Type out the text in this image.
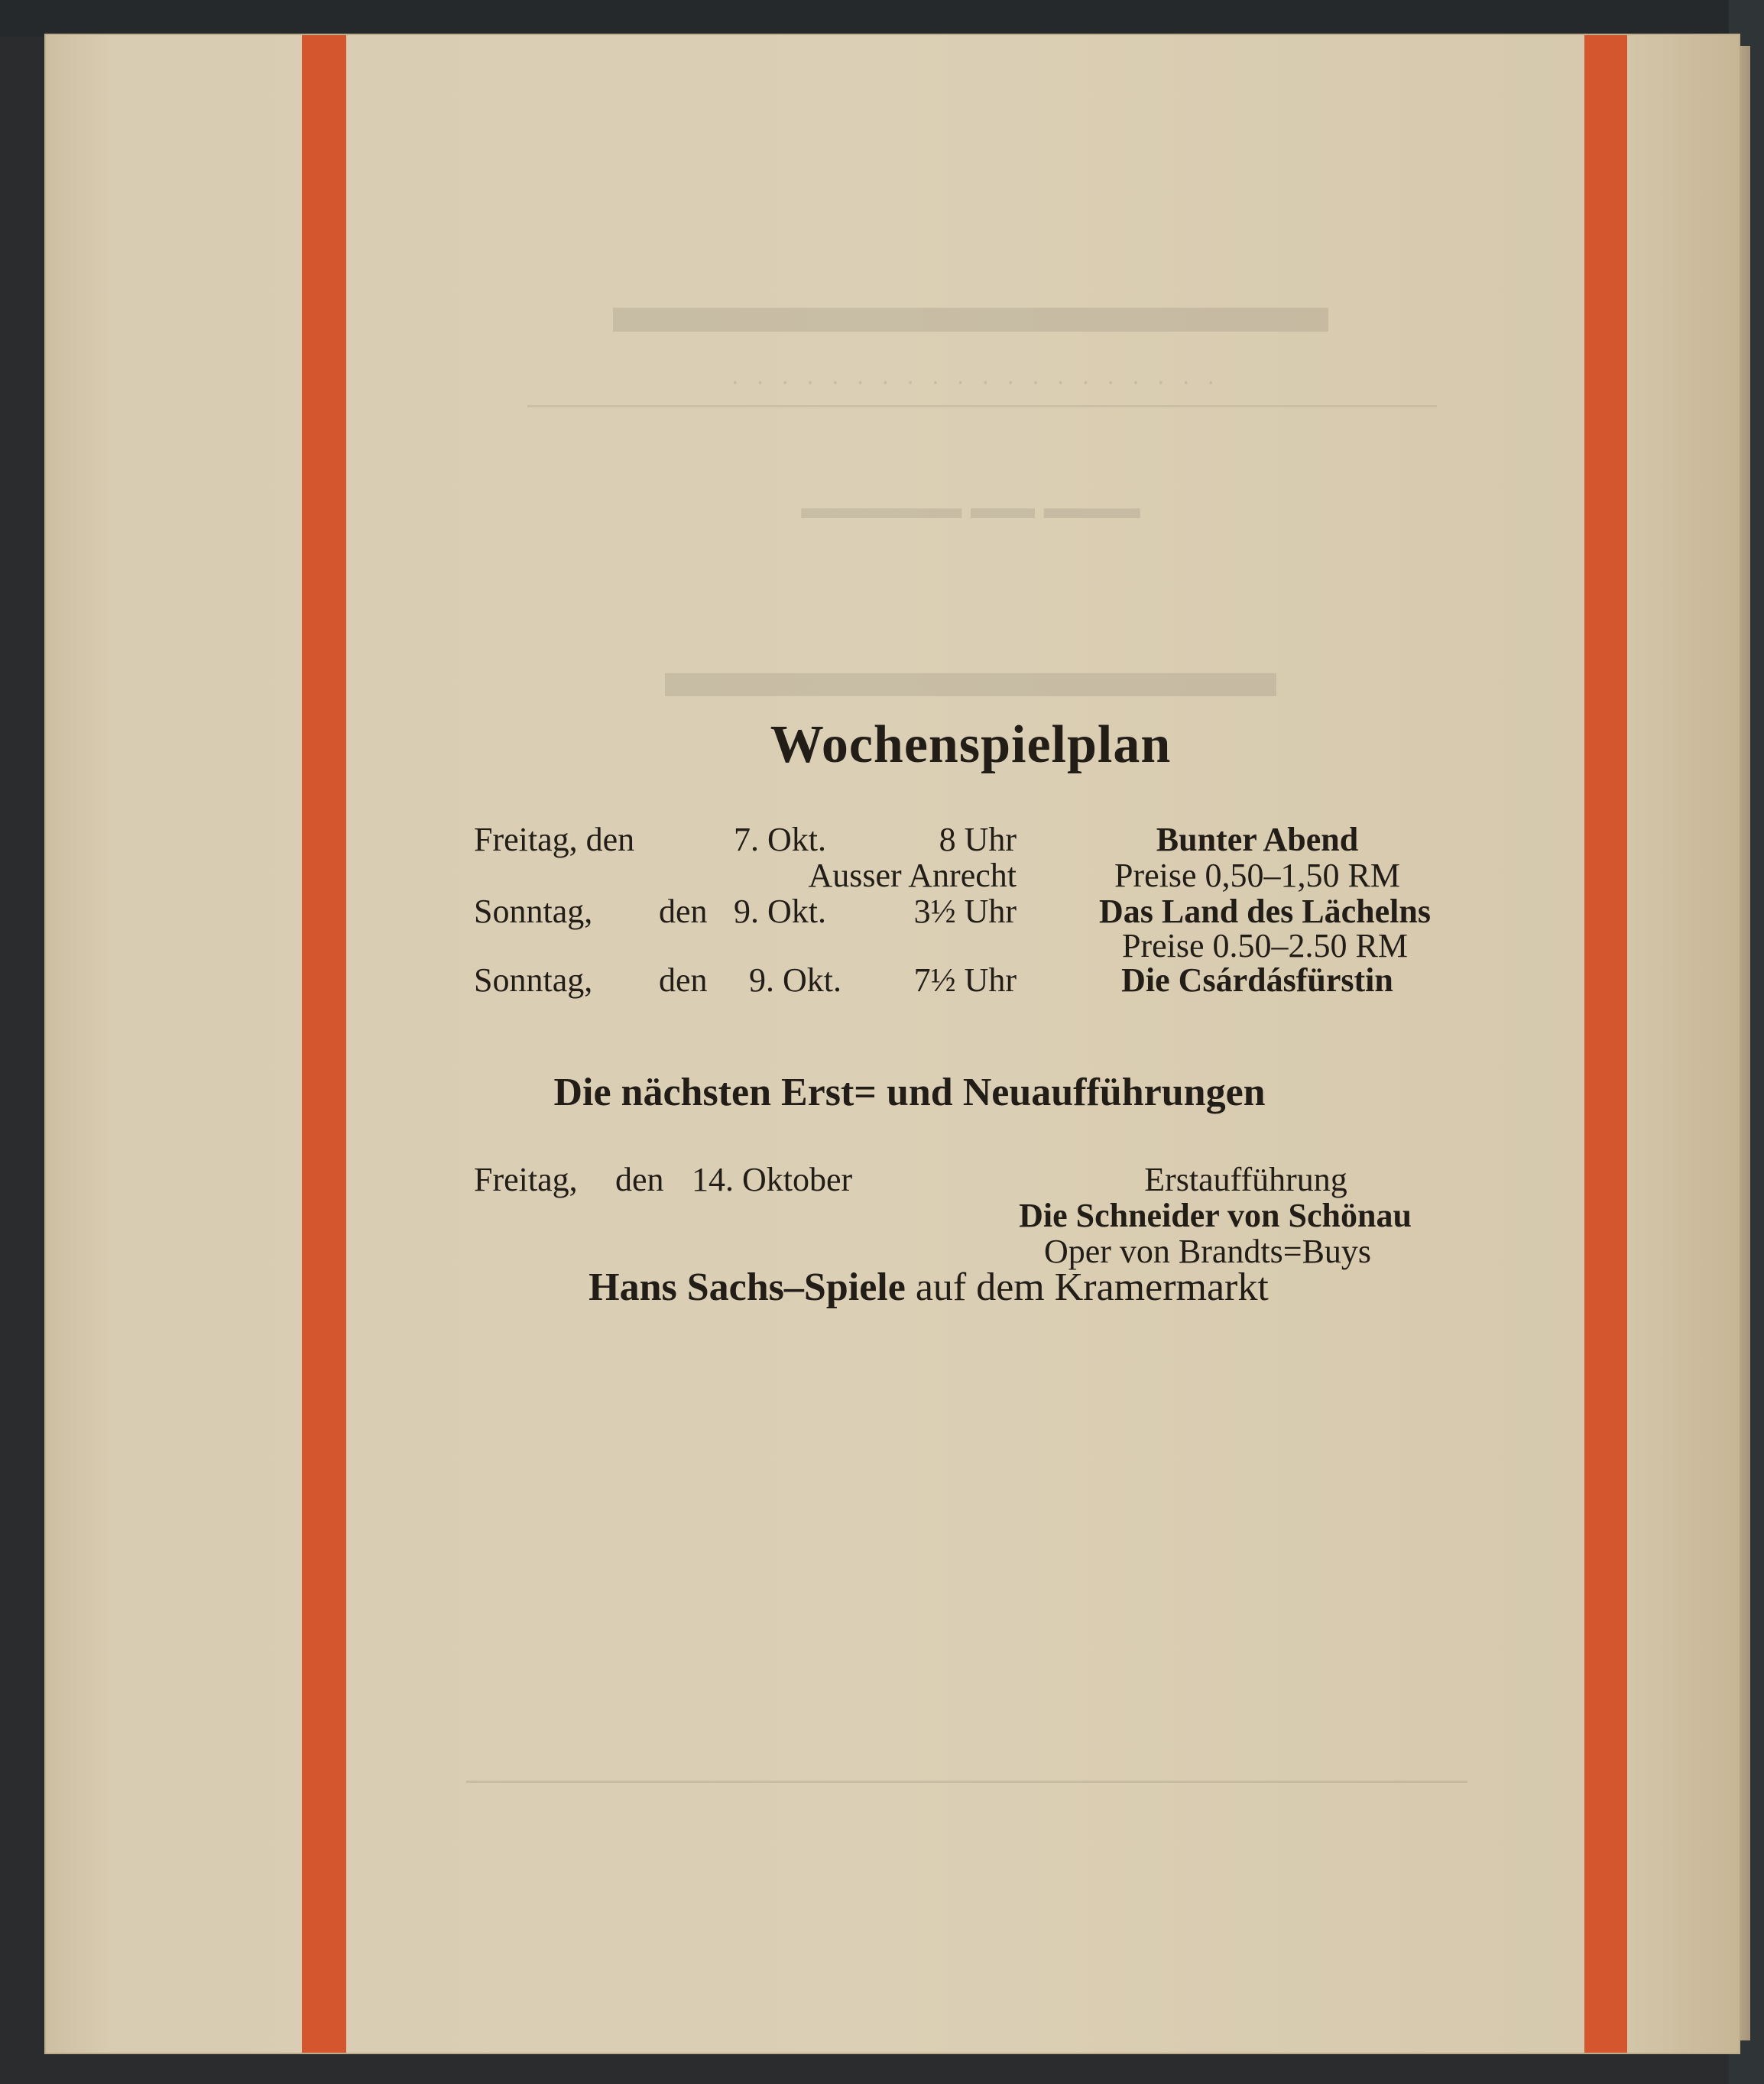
Wochenspielplan
Freitag, den	7. Okt.	8 Uhr	Bunter Abend
Ausser Anrecht	Preise 0,50–1,50 RM
Sonntag, den 9. Okt.	3½ Uhr	Das Land des Lächelns
Preise 0.50–2.50 RM
Sonntag, den 9. Okt.	7½ Uhr	Die Csárdásfürstin
Die nächsten Erst= und Neuaufführungen
Freitag, den 14. Oktober	Erstaufführung
Die Schneider von Schönau
Oper von Brandts=Buys
Hans Sachs–Spiele auf dem Kramermarkt
